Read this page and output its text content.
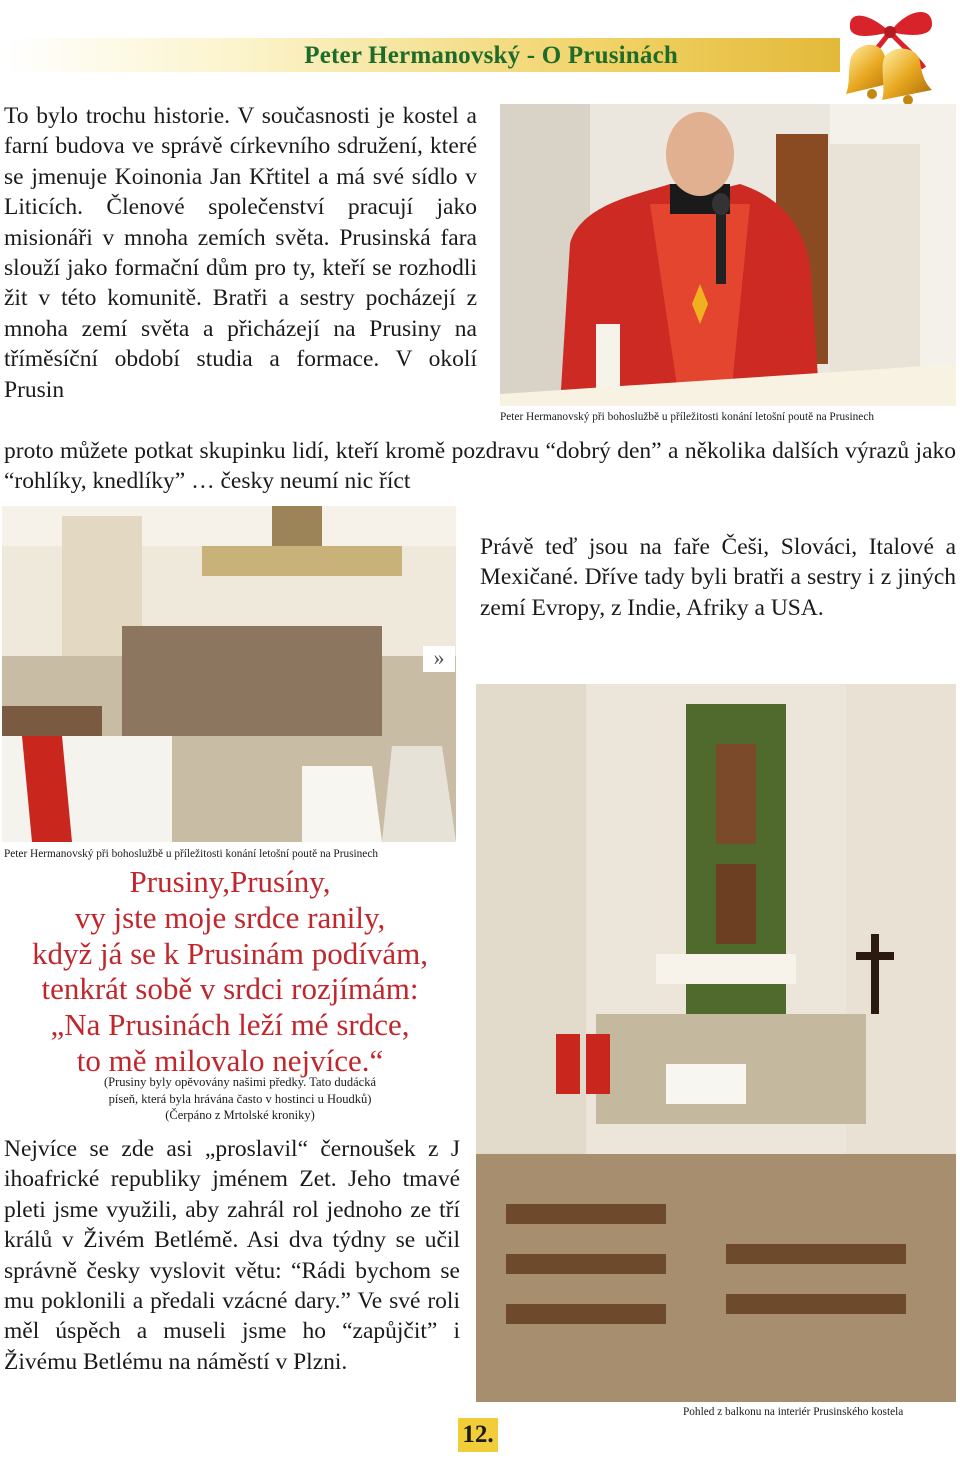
Peter Hermanovský - O Prusinách

To bylo trochu historie. V současnosti je kostel a farní budova ve správě církevního sdružení, které se jmenuje Koinonia Jan Křtitel a má své sídlo v Liticích. Členové společenství pracují jako misionáři v mnoha zemích světa. Prusinská fara slouží jako formační dům pro ty, kteří se rozhodli žit v této komunitě. Bratři a sestry pocházejí z mnoha zemí světa a přicházejí na Prusiny na tříměsíční období studia a formace. V okolí Prusin

Peter Hermanovský při bohoslužbě u příležitosti konání letošní poutě na Prusinech
proto můžete potkat skupinku lidí, kteří kromě pozdravu “dobrý den” a několika dalších výrazů jako “rohlíky, knedlíky” … česky neumí nic říct
»
Peter Hermanovský při bohoslužbě u příležitosti konání letošní poutě na Prusinech

Právě teď jsou na faře Češi, Slováci, Italové a Mexičané. Dříve tady byli bratři a sestry i z jiných zemí Evropy, z Indie, Afriky a USA.

Pohled z balkonu na interiér Prusinského kostela

Prusiny,Prusíny,

vy jste moje srdce ranily,

když já se k Prusinám podívám,

tenkrát sobě v srdci rozjímám:

„Na Prusinách leží mé srdce,

to mě milovalo nejvíce.“

(Prusiny byly opěvovány našimi předky. Tato dudácká

píseň, která byla hrávána často v hostinci u Houdků)

(Čerpáno z Mrtolské kroniky)

Nejvíce se zde asi „proslavil“ černoušek z J ihoafrické republiky jménem Zet. Jeho tmavé pleti jsme využili, aby zahrál rol jednoho ze tří králů v Živém Betlémě. Asi dva týdny se učil správně česky vyslovit větu: “Rádi bychom se mu poklonili a předali vzácné dary.” Ve své roli měl úspěch a museli jsme ho “zapůjčit” i Živému Betlému na náměstí v Plzni.

12.
